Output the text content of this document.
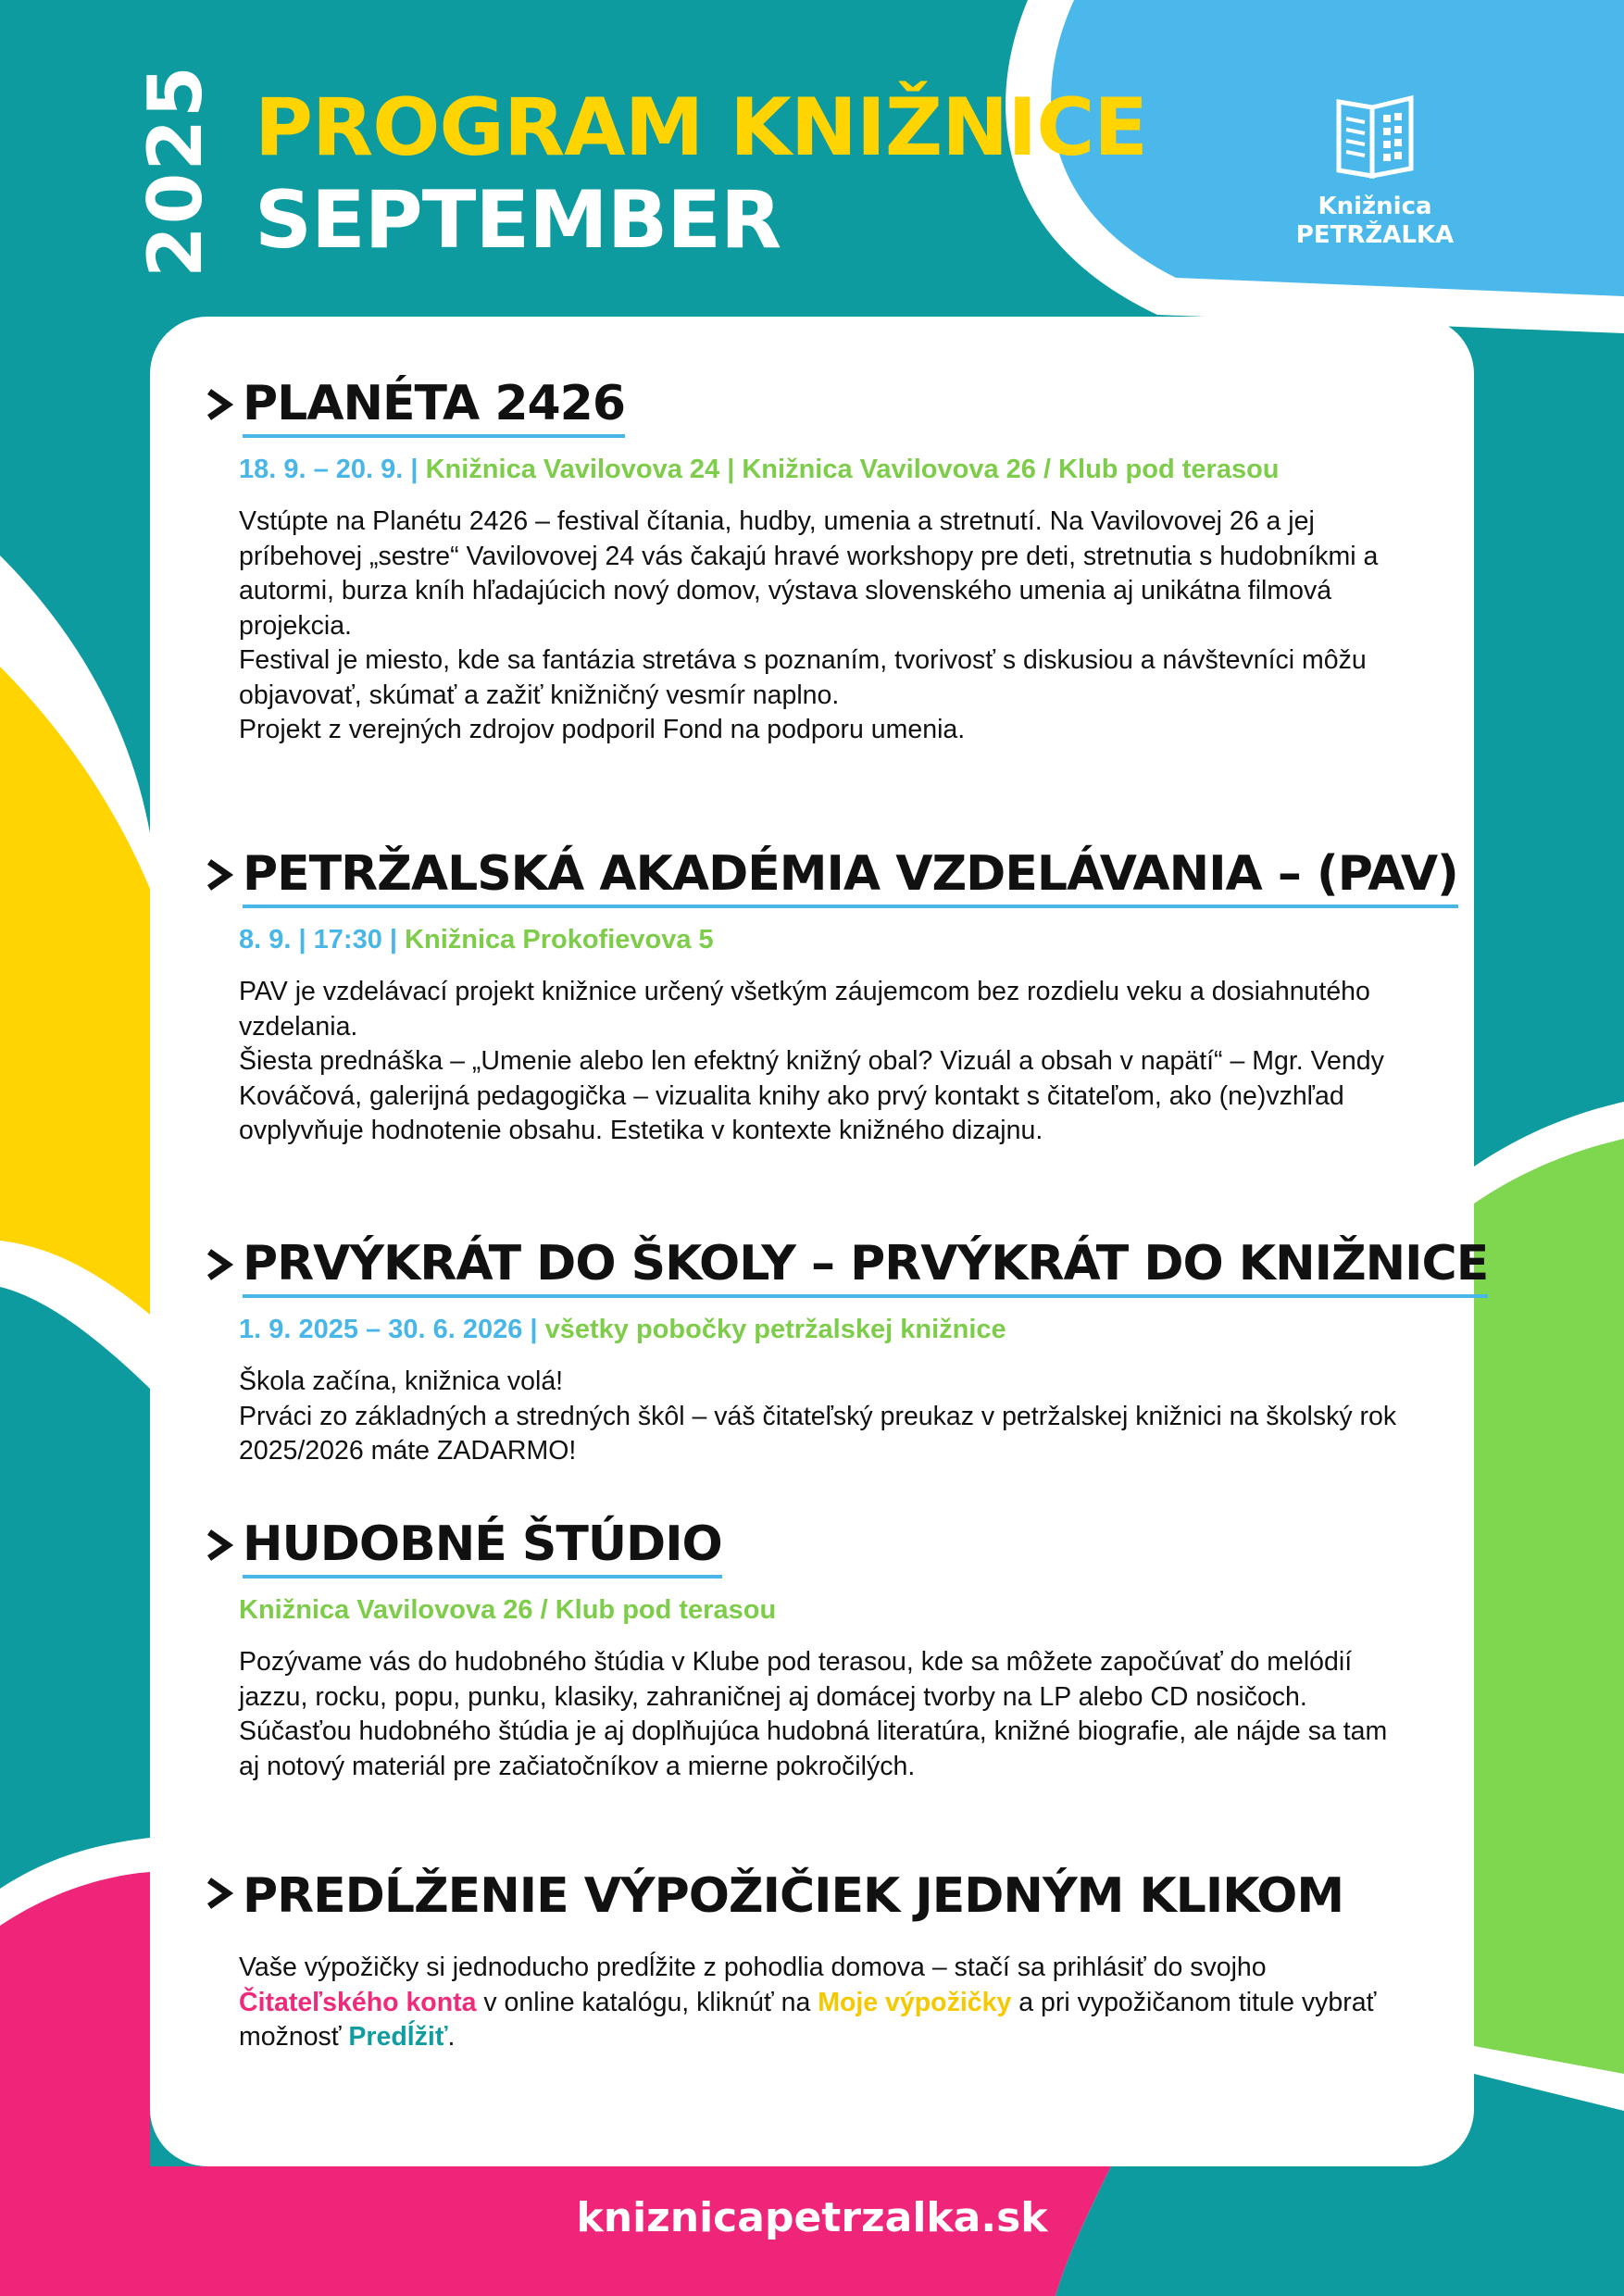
2025 PROGRAM KNIŽNICE
SEPTEMBER	Knižnica
PETRŽALKA
PLANÉTA 2426
18. 9. – 20. 9. | Knižnica Vavilovova 24 | Knižnica Vavilovova 26 / Klub pod terasou

Vstúpte na Planétu 2426 – festival čítania, hudby, umenia a stretnutí. Na Vavilovovej 26 a jej príbehovej „sestre“ Vavilovovej 24 vás čakajú hravé workshopy pre deti, stretnutia s hudobníkmi a autormi, burza kníh hľadajúcich nový domov, výstava slovenského umenia aj unikátna filmová projekcia.

Festival je miesto, kde sa fantázia stretáva s poznaním, tvorivosť s diskusiou a návštevníci môžu objavovať, skúmať a zažiť knižničný vesmír naplno.

Projekt z verejných zdrojov podporil Fond na podporu umenia.

PETRŽALSKÁ AKADÉMIA VZDELÁVANIA – (PAV)
8. 9. | 17:30 | Knižnica Prokofievova 5

PAV je vzdelávací projekt knižnice určený všetkým záujemcom bez rozdielu veku a dosiahnutého vzdelania.

Šiesta prednáška – „Umenie alebo len efektný knižný obal? Vizuál a obsah v napätí“ – Mgr. Vendy Kováčová, galerijná pedagogička – vizualita knihy ako prvý kontakt s čitateľom, ako (ne)vzhľad ovplyvňuje hodnotenie obsahu. Estetika v kontexte knižného dizajnu.

PRVÝKRÁT DO ŠKOLY – PRVÝKRÁT DO KNIŽNICE
1. 9. 2025 – 30. 6. 2026 | všetky pobočky petržalskej knižnice

Škola začína, knižnica volá!

Prváci zo základných a stredných škôl – váš čitateľský preukaz v petržalskej knižnici na školský rok 2025/2026 máte ZADARMO!

HUDOBNÉ ŠTÚDIO
Knižnica Vavilovova 26 / Klub pod terasou

Pozývame vás do hudobného štúdia v Klube pod terasou, kde sa môžete započúvať do melódií jazzu, rocku, popu, punku, klasiky, zahraničnej aj domácej tvorby na LP alebo CD nosičoch.

Súčasťou hudobného štúdia je aj doplňujúca hudobná literatúra, knižné biografie, ale nájde sa tam aj notový materiál pre začiatočníkov a mierne pokročilých.

PREDĹŽENIE VÝPOŽIČIEK JEDNÝM KLIKOM

Vaše výpožičky si jednoducho predĺžite z pohodlia domova – stačí sa prihlásiť do svojho Čitateľského konta v online katalógu, kliknúť na Moje výpožičky a pri vypožičanom titule vybrať možnosť Predĺžiť.

kniznicapetrzalka.sk
